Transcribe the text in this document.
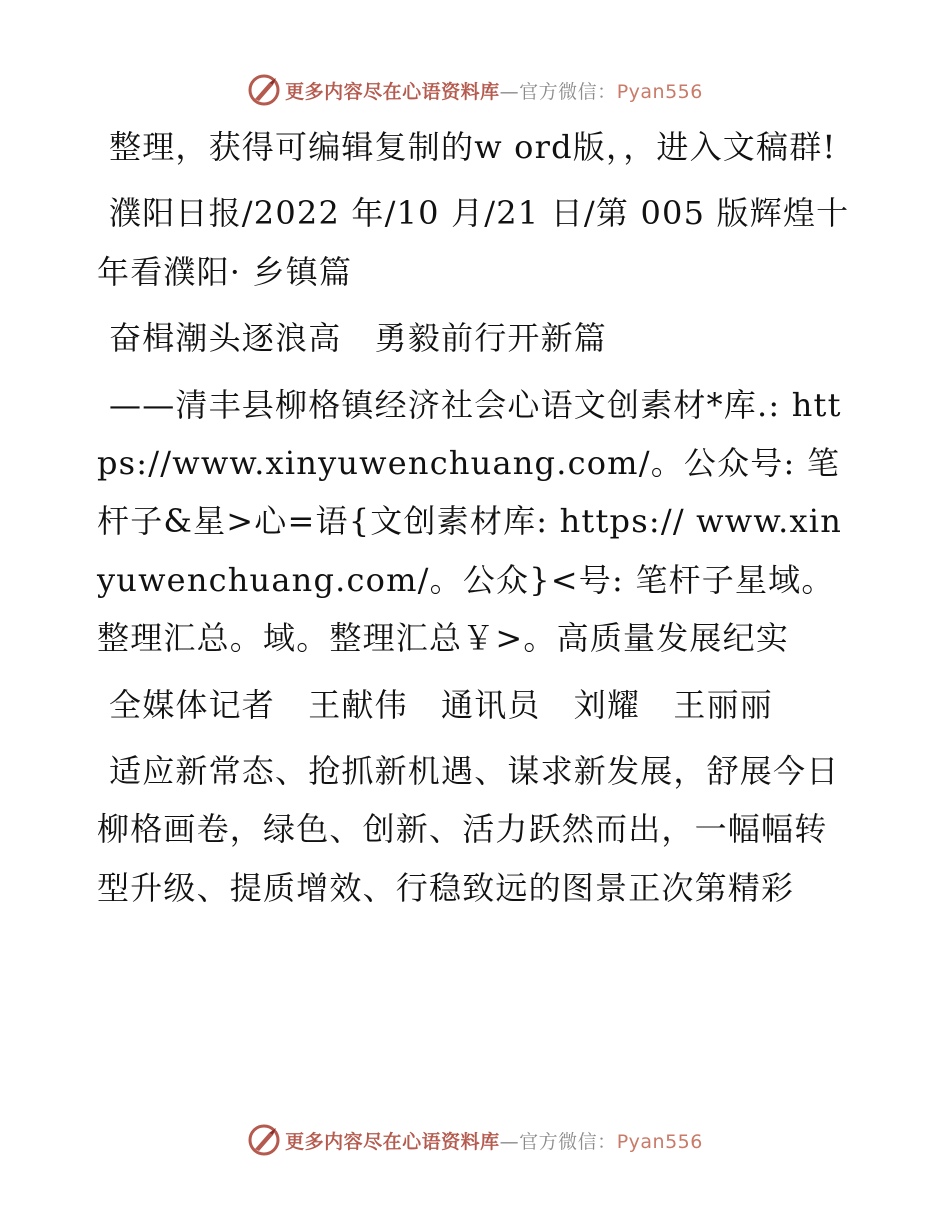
更多内容尽在心语资料库—官方微信：Pyan556

整理，获得可编辑复制的w ord版，，进入文稿群!

濮阳日报/2022 年/10 月/21 日/第 005 版辉煌十年看濮阳· 乡镇篇

奋楫潮头逐浪高　勇毅前行开新篇

——清丰县柳格镇经济社会心语文创素材*库.: https://www.xinyuwenchuang.com/。公众号: 笔杆子&星>心=语{文创素材库: https:// www.xinyuwenchuang.com/。公众}<号: 笔杆子星域。整理汇总。域。整理汇总￥>。高质量发展纪实

全媒体记者　王献伟　通讯员　刘耀　王丽丽

适应新常态、抢抓新机遇、谋求新发展，舒展今日柳格画卷，绿色、创新、活力跃然而出，一幅幅转型升级、提质增效、行稳致远的图景正次第精彩

更多内容尽在心语资料库—官方微信：Pyan556
